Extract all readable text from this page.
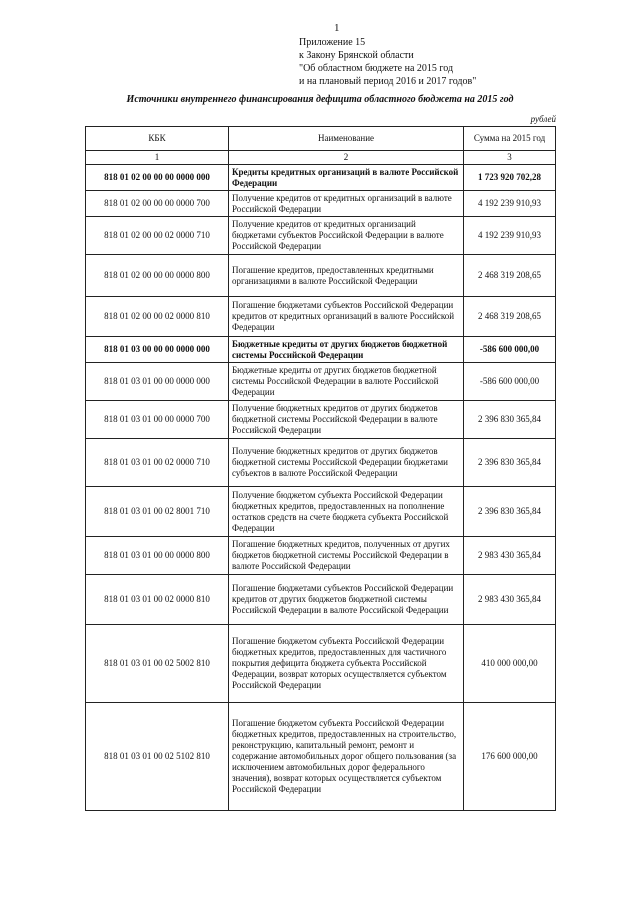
1
Приложение 15
к Закону Брянской области
"Об областном бюджете на 2015 год
и на плановый период 2016 и 2017 годов"
Источники внутреннего финансирования дефицита областного бюджета на 2015 год
рублей
КБК	Наименование	Сумма на 2015 год
1	2	3
818 01 02 00 00 00 0000 000	Кредиты кредитных организаций в валюте Российской Федерации	1 723 920 702,28
818 01 02 00 00 00 0000 700	Получение кредитов от кредитных организаций в валюте Российской Федерации	4 192 239 910,93
818 01 02 00 00 02 0000 710	Получение кредитов от кредитных организаций бюджетами субъектов Российской Федерации в валюте Российской Федерации	4 192 239 910,93
818 01 02 00 00 00 0000 800	Погашение кредитов, предоставленных кредитными организациями в валюте Российской Федерации	2 468 319 208,65
818 01 02 00 00 02 0000 810	Погашение бюджетами субъектов Российской Федерации кредитов от кредитных организаций в валюте Российской Федерации	2 468 319 208,65
818 01 03 00 00 00 0000 000	Бюджетные кредиты от других бюджетов бюджетной системы Российской Федерации	-586 600 000,00
818 01 03 01 00 00 0000 000	Бюджетные кредиты от других бюджетов бюджетной системы Российской Федерации в валюте Российской Федерации	-586 600 000,00
818 01 03 01 00 00 0000 700	Получение бюджетных кредитов от других бюджетов бюджетной системы Российской Федерации в валюте Российской Федерации	2 396 830 365,84
818 01 03 01 00 02 0000 710	Получение бюджетных кредитов от других бюджетов бюджетной системы Российской Федерации бюджетами субъектов в валюте Российской Федерации	2 396 830 365,84
818 01 03 01 00 02 8001 710	Получение бюджетом субъекта Российской Федерации бюджетных кредитов, предоставленных на пополнение остатков средств на счете бюджета субъекта Российской Федерации	2 396 830 365,84
818 01 03 01 00 00 0000 800	Погашение бюджетных кредитов, полученных от других бюджетов бюджетной системы Российской Федерации в валюте Российской Федерации	2 983 430 365,84
818 01 03 01 00 02 0000 810	Погашение бюджетами субъектов Российской Федерации кредитов от других бюджетов бюджетной системы Российской Федерации в валюте Российской Федерации	2 983 430 365,84
818 01 03 01 00 02 5002 810	Погашение бюджетом субъекта Российской Федерации бюджетных кредитов, предоставленных для частичного покрытия дефицита бюджета субъекта Российской Федерации, возврат которых осуществляется субъектом Российской Федерации	410 000 000,00
818 01 03 01 00 02 5102 810	Погашение бюджетом субъекта Российской Федерации бюджетных кредитов, предоставленных на строительство, реконструкцию, капитальный ремонт, ремонт и содержание автомобильных дорог общего пользования (за исключением автомобильных дорог федерального значения), возврат которых осуществляется субъектом Российской Федерации	176 600 000,00
